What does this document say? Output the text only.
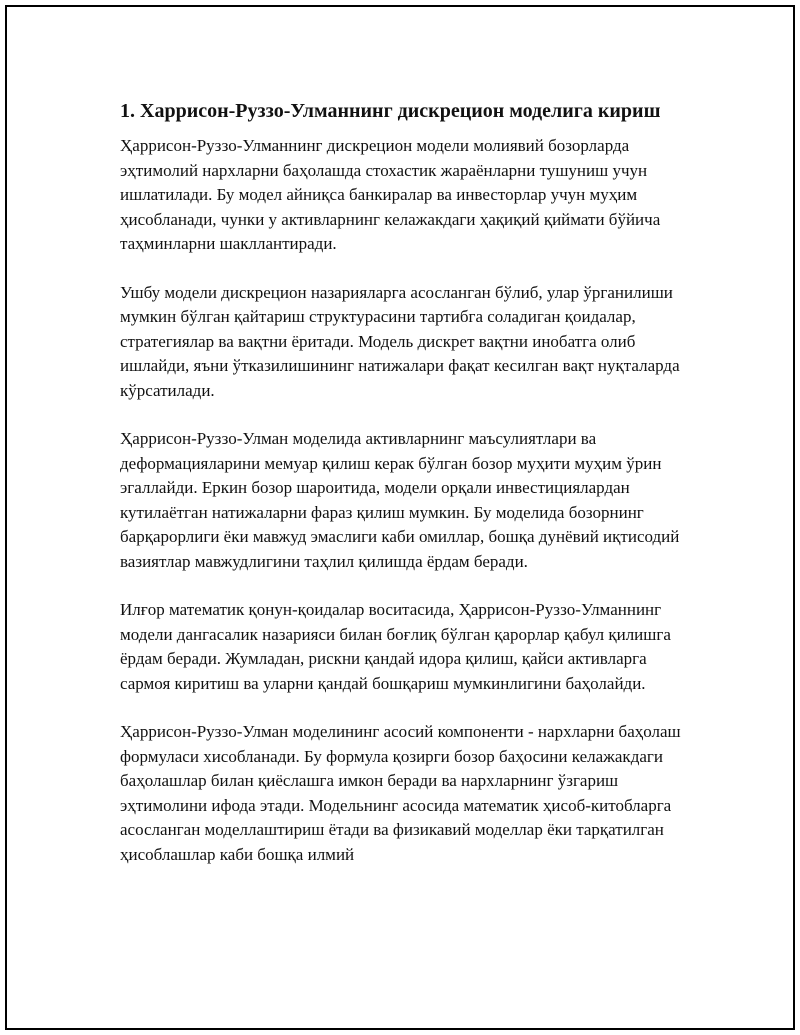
1. Харрисон-Руззо-Улманнинг дискрецион моделига кириш

Ҳаррисон-Руззо-Улманнинг дискрецион модели молиявий бозорларда эҳтимолий нархларни баҳолашда стохастик жараёнларни тушуниш учун ишлатилади. Бу модел айниқса банкиралар ва инвесторлар учун муҳим ҳисобланади, чунки у активларнинг келажакдаги ҳақиқий қиймати бўйича таҳминларни шакллантиради.

Ушбу модели дискрецион назарияларга асосланган бўлиб, улар ўрганилиши мумкин бўлган қайтариш структурасини тартибга соладиган қоидалар, стратегиялар ва вақтни ёритади. Модель дискрет вақтни инобатга олиб ишлайди, яъни ўтказилишининг натижалари фақат кесилган вақт нуқталарда кўрсатилади.

Ҳаррисон-Руззо-Улман моделида активларнинг маъсулиятлари ва деформацияларини мемуар қилиш керак бўлган бозор муҳити муҳим ўрин эгаллайди. Еркин бозор шароитида, модели орқали инвестициялардан кутилаётган натижаларни фараз қилиш мумкин. Бу моделида бозорнинг барқарорлиги ёки мавжуд эмаслиги каби омиллар, бошқа дунёвий иқтисодий вазиятлар мавжудлигини таҳлил қилишда ёрдам беради.

Илғор математик қонун-қоидалар воситасида, Ҳаррисон-Руззо-Улманнинг модели дангасалик назарияси билан боғлиқ бўлган қарорлар қабул қилишга ёрдам беради. Жумладан, рискни қандай идора қилиш, қайси активларга сармоя киритиш ва уларни қандай бошқариш мумкинлигини баҳолайди.

Ҳаррисон-Руззо-Улман моделининг асосий компоненти - нархларни баҳолаш формуласи хисобланади. Бу формула қозирги бозор баҳосини келажакдаги баҳолашлар билан қиёслашга имкон беради ва нархларнинг ўзгариш эҳтимолини ифода этади. Модельнинг асосида математик ҳисоб-китобларга асосланган моделлаштириш ётади ва физикавий моделлар ёки тарқатилган ҳисоблашлар каби бошқа илмий
